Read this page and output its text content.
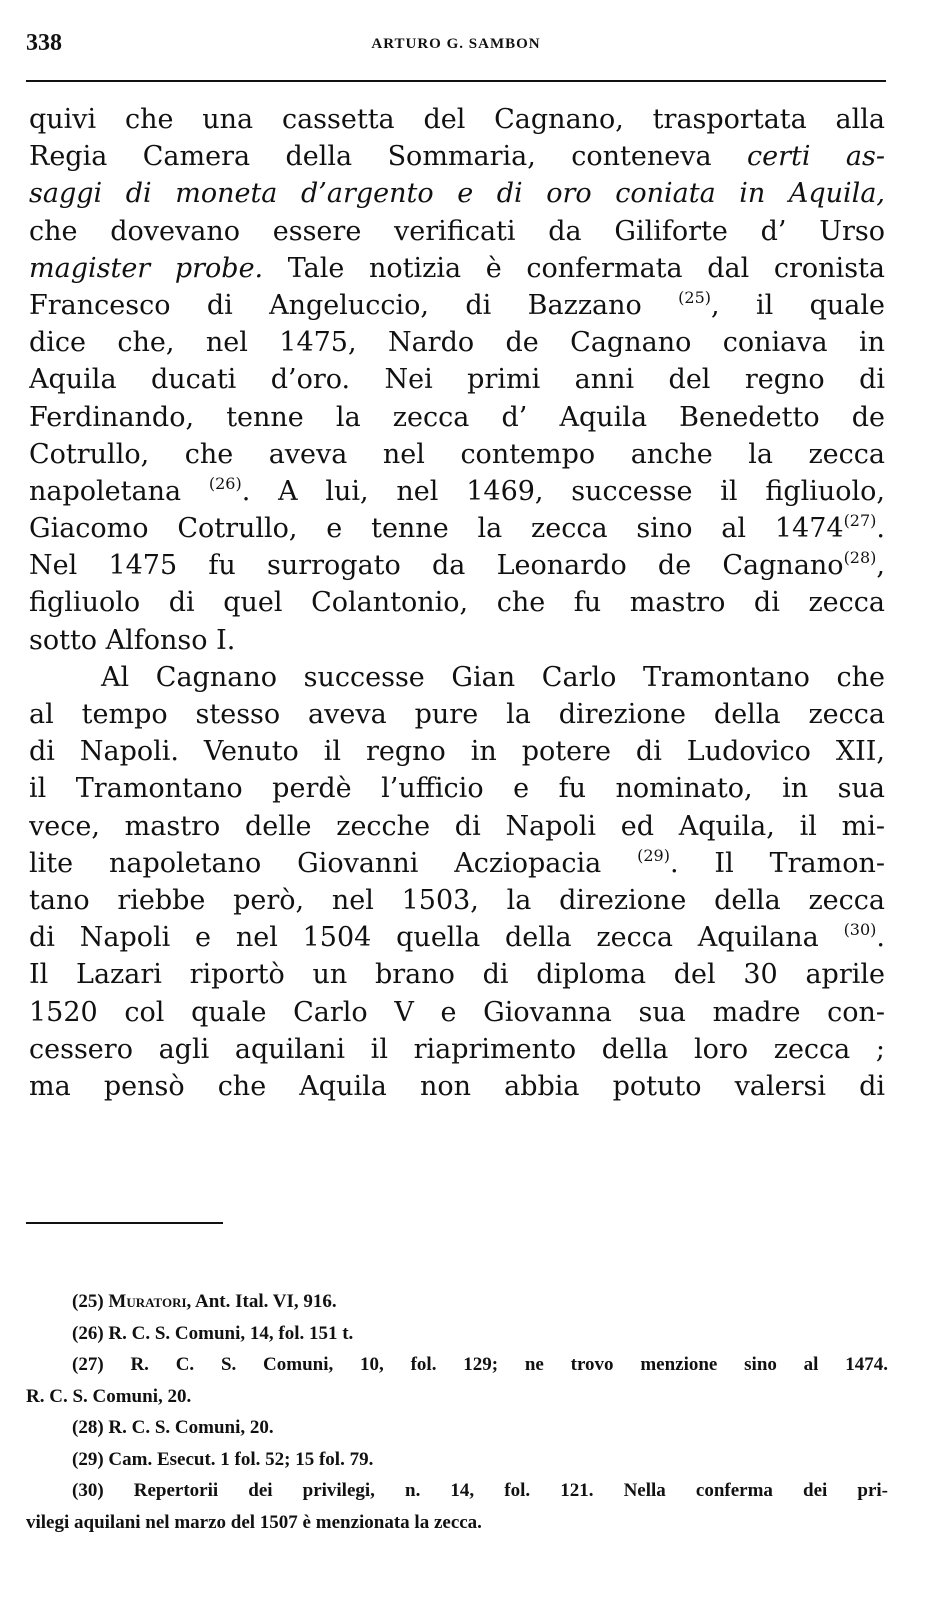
338	ARTURO G. SAMBON
quivi che una cassetta del Cagnano, trasportata alla
Regia Camera della Sommaria, conteneva certi as-
saggi di moneta d’argento e di oro coniata in Aquila,
che dovevano essere verificati da Giliforte d’ Urso
magister probe. Tale notizia è confermata dal cronista
Francesco di Angeluccio, di Bazzano $^{(25)}$, il quale
dice che, nel 1475, Nardo de Cagnano coniava in
Aquila ducati d’oro. Nei primi anni del regno di
Ferdinando, tenne la zecca d’ Aquila Benedetto de
Cotrullo, che aveva nel contempo anche la zecca
napoletana $^{(26)}$. A lui, nel 1469, successe il figliuolo,
Giacomo Cotrullo, e tenne la zecca sino al 1474$^{(27)}$.
Nel 1475 fu surrogato da Leonardo de Cagnano$^{(28)}$,
figliuolo di quel Colantonio, che fu mastro di zecca
sotto Alfonso I.
Al Cagnano successe Gian Carlo Tramontano che
al tempo stesso aveva pure la direzione della zecca
di Napoli. Venuto il regno in potere di Ludovico XII,
il Tramontano perdè l’ufficio e fu nominato, in sua
vece, mastro delle zecche di Napoli ed Aquila, il mi-
lite napoletano Giovanni Acziopacia $^{(29)}$. Il Tramon-
tano riebbe però, nel 1503, la direzione della zecca
di Napoli e nel 1504 quella della zecca Aquilana $^{(30)}$.
Il Lazari riportò un brano di diploma del 30 aprile
1520 col quale Carlo V e Giovanna sua madre con-
cessero agli aquilani il riaprimento della loro zecca ;
ma pensò che Aquila non abbia potuto valersi di
(25) Muratori, Ant. Ital. VI, 916.
(26) R. C. S. Comuni, 14, fol. 151 t.
(27) R. C. S. Comuni, 10, fol. 129; ne trovo menzione sino al 1474.
R. C. S. Comuni, 20.
(28) R. C. S. Comuni, 20.
(29) Cam. Esecut. 1 fol. 52; 15 fol. 79.
(30) Repertorii dei privilegi, n. 14, fol. 121. Nella conferma dei pri-
vilegi aquilani nel marzo del 1507 è menzionata la zecca.
